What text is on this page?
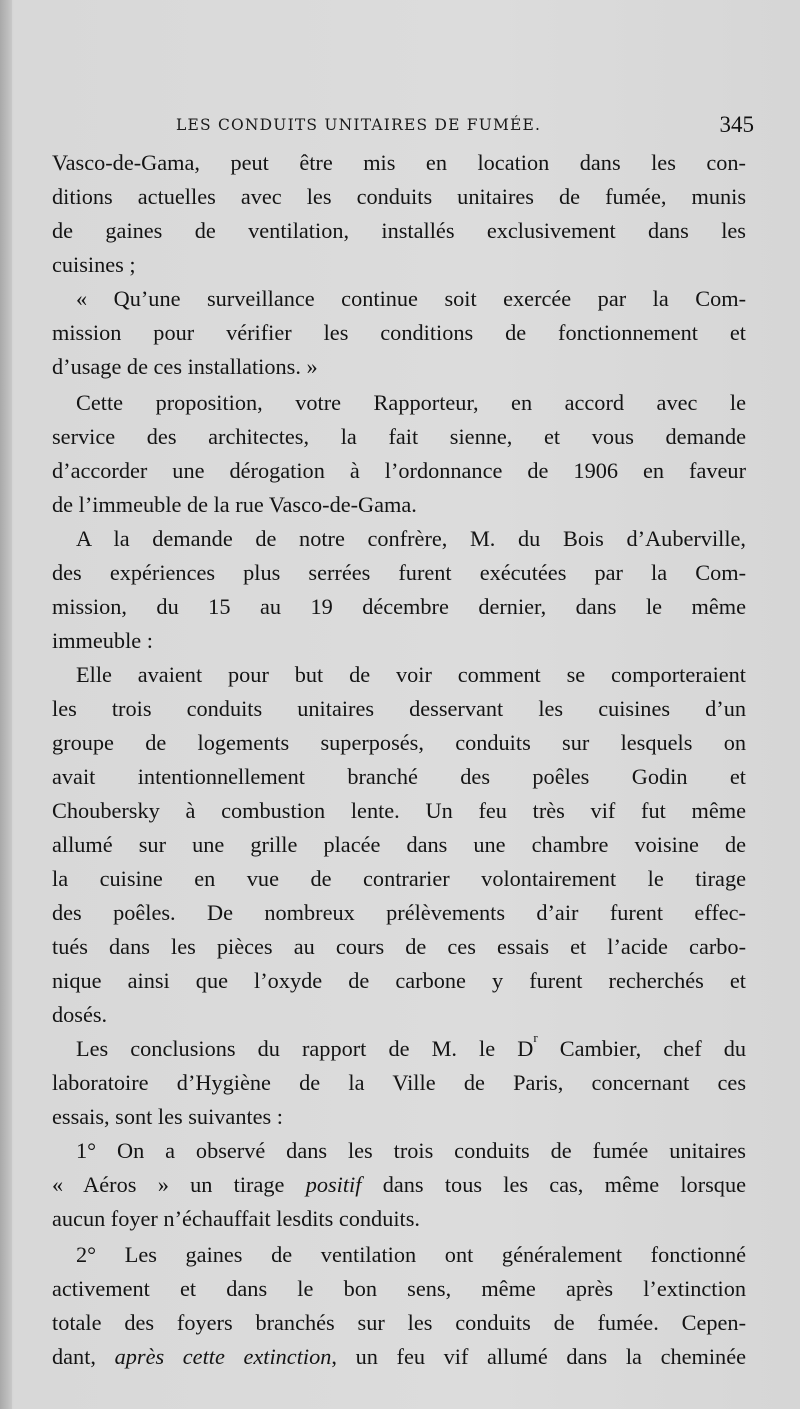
LES CONDUITS UNITAIRES DE FUMÉE.	345
Vasco-de-Gama, peut être mis en location dans les con-
ditions actuelles avec les conduits unitaires de fumée, munis
de gaines de ventilation, installés exclusivement dans les
cuisines ;
« Qu’une surveillance continue soit exercée par la Com-
mission pour vérifier les conditions de fonctionnement et
d’usage de ces installations. »
Cette proposition, votre Rapporteur, en accord avec le
service des architectes, la fait sienne, et vous demande
d’accorder une dérogation à l’ordonnance de 1906 en faveur
de l’immeuble de la rue Vasco-de-Gama.
A la demande de notre confrère, M. du Bois d’Auberville,
des expériences plus serrées furent exécutées par la Com-
mission, du 15 au 19 décembre dernier, dans le même
immeuble :
Elle avaient pour but de voir comment se comporteraient
les trois conduits unitaires desservant les cuisines d’un
groupe de logements superposés, conduits sur lesquels on
avait intentionnellement branché des poêles Godin et
Choubersky à combustion lente. Un feu très vif fut même
allumé sur une grille placée dans une chambre voisine de
la cuisine en vue de contrarier volontairement le tirage
des poêles. De nombreux prélèvements d’air furent effec-
tués dans les pièces au cours de ces essais et l’acide carbo-
nique ainsi que l’oxyde de carbone y furent recherchés et
dosés.
Les conclusions du rapport de M. le $D^r$ Cambier, chef du
laboratoire d’Hygiène de la Ville de Paris, concernant ces
essais, sont les suivantes :
1° On a observé dans les trois conduits de fumée unitaires
« Aéros » un tirage positif dans tous les cas, même lorsque
aucun foyer n’échauffait lesdits conduits.
2° Les gaines de ventilation ont généralement fonctionné
activement et dans le bon sens, même après l’extinction
totale des foyers branchés sur les conduits de fumée. Cepen-
dant, après cette extinction, un feu vif allumé dans la cheminée
